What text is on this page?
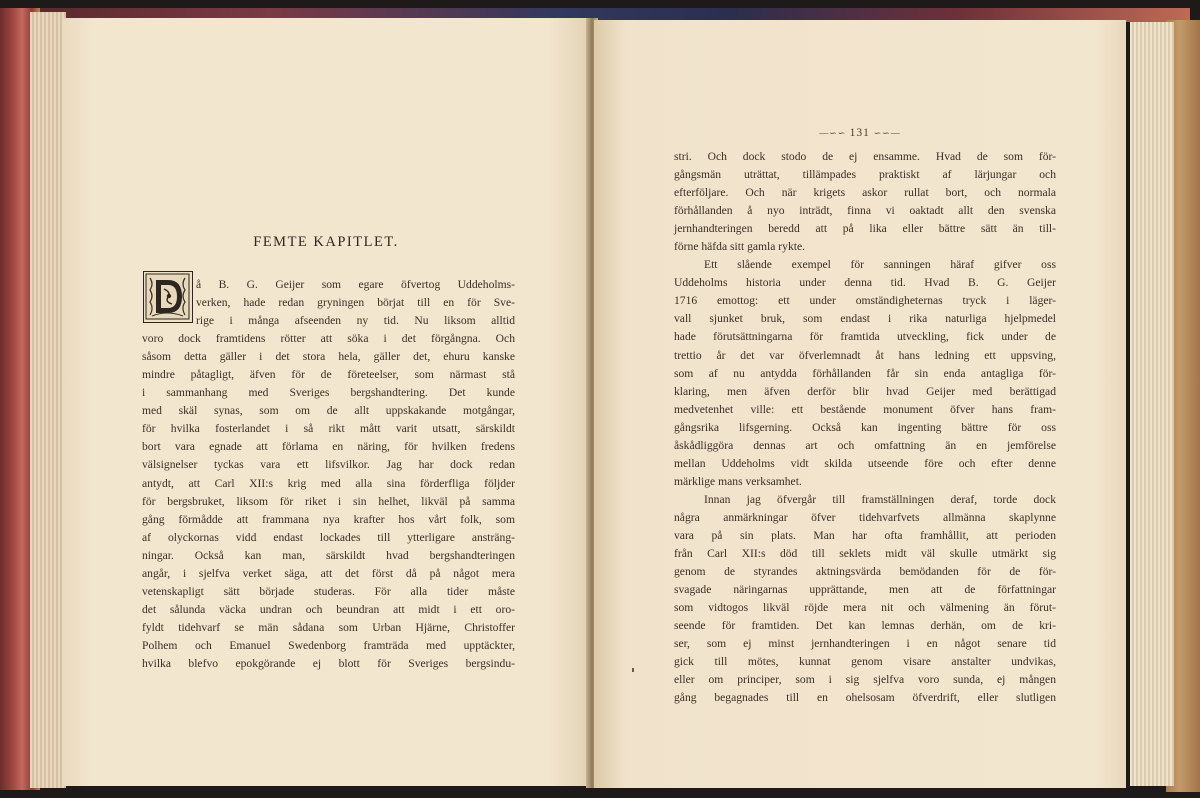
FEMTE KAPITLET.
—∽∽ 131 ∽∽—
å B. G. Geijer som egare öfvertog Uddeholms-
verken, hade redan gryningen börjat till en för Sve-
rige i många afseenden ny tid. Nu liksom alltid
voro dock framtidens rötter att söka i det förgångna. Och
såsom detta gäller i det stora hela, gäller det, ehuru kanske
mindre påtagligt, äfven för de företeelser, som närmast stå
i sammanhang med Sveriges bergshandtering. Det kunde
med skäl synas, som om de allt uppskakande motgångar,
för hvilka fosterlandet i så rikt mått varit utsatt, särskildt
bort vara egnade att förlama en näring, för hvilken fredens
välsignelser tyckas vara ett lifsvilkor. Jag har dock redan
antydt, att Carl XII:s krig med alla sina förderfliga följder
för bergsbruket, liksom för riket i sin helhet, likväl på samma
gång förmådde att frammana nya krafter hos vårt folk, som
af olyckornas vidd endast lockades till ytterligare ansträng-
ningar. Också kan man, särskildt hvad bergshandteringen
angår, i sjelfva verket säga, att det först då på något mera
vetenskapligt sätt började studeras. För alla tider måste
det sålunda väcka undran och beundran att midt i ett oro-
fyldt tidehvarf se män sådana som Urban Hjärne, Christoffer
Polhem och Emanuel Swedenborg framträda med upptäckter,
hvilka blefvo epokgörande ej blott för Sveriges bergsindu-
stri. Och dock stodo de ej ensamme. Hvad de som för-
gångsmän uträttat, tillämpades praktiskt af lärjungar och
efterföljare. Och när krigets askor rullat bort, och normala
förhållanden å nyo inträdt, finna vi oaktadt allt den svenska
jernhandteringen beredd att på lika eller bättre sätt än till-
förne häfda sitt gamla rykte.
Ett slående exempel för sanningen häraf gifver oss
Uddeholms historia under denna tid. Hvad B. G. Geijer
1716 emottog: ett under omständigheternas tryck i läger-
vall sjunket bruk, som endast i rika naturliga hjelpmedel
hade förutsättningarna för framtida utveckling, fick under de
trettio år det var öfverlemnadt åt hans ledning ett uppsving,
som af nu antydda förhållanden får sin enda antagliga för-
klaring, men äfven derför blir hvad Geijer med berättigad
medvetenhet ville: ett bestående monument öfver hans fram-
gångsrika lifsgerning. Också kan ingenting bättre för oss
åskådliggöra dennas art och omfattning än en jemförelse
mellan Uddeholms vidt skilda utseende före och efter denne
märklige mans verksamhet.
Innan jag öfvergår till framställningen deraf, torde dock
några anmärkningar öfver tidehvarfvets allmänna skaplynne
vara på sin plats. Man har ofta framhållit, att perioden
från Carl XII:s död till seklets midt väl skulle utmärkt sig
genom de styrandes aktningsvärda bemödanden för de för-
svagade näringarnas upprättande, men att de författningar
som vidtogos likväl röjde mera nit och välmening än förut-
seende för framtiden. Det kan lemnas derhän, om de kri-
ser, som ej minst jernhandteringen i en något senare tid
gick till mötes, kunnat genom visare anstalter undvikas,
eller om principer, som i sig sjelfva voro sunda, ej mången
gång begagnades till en ohelsosam öfverdrift, eller slutligen
